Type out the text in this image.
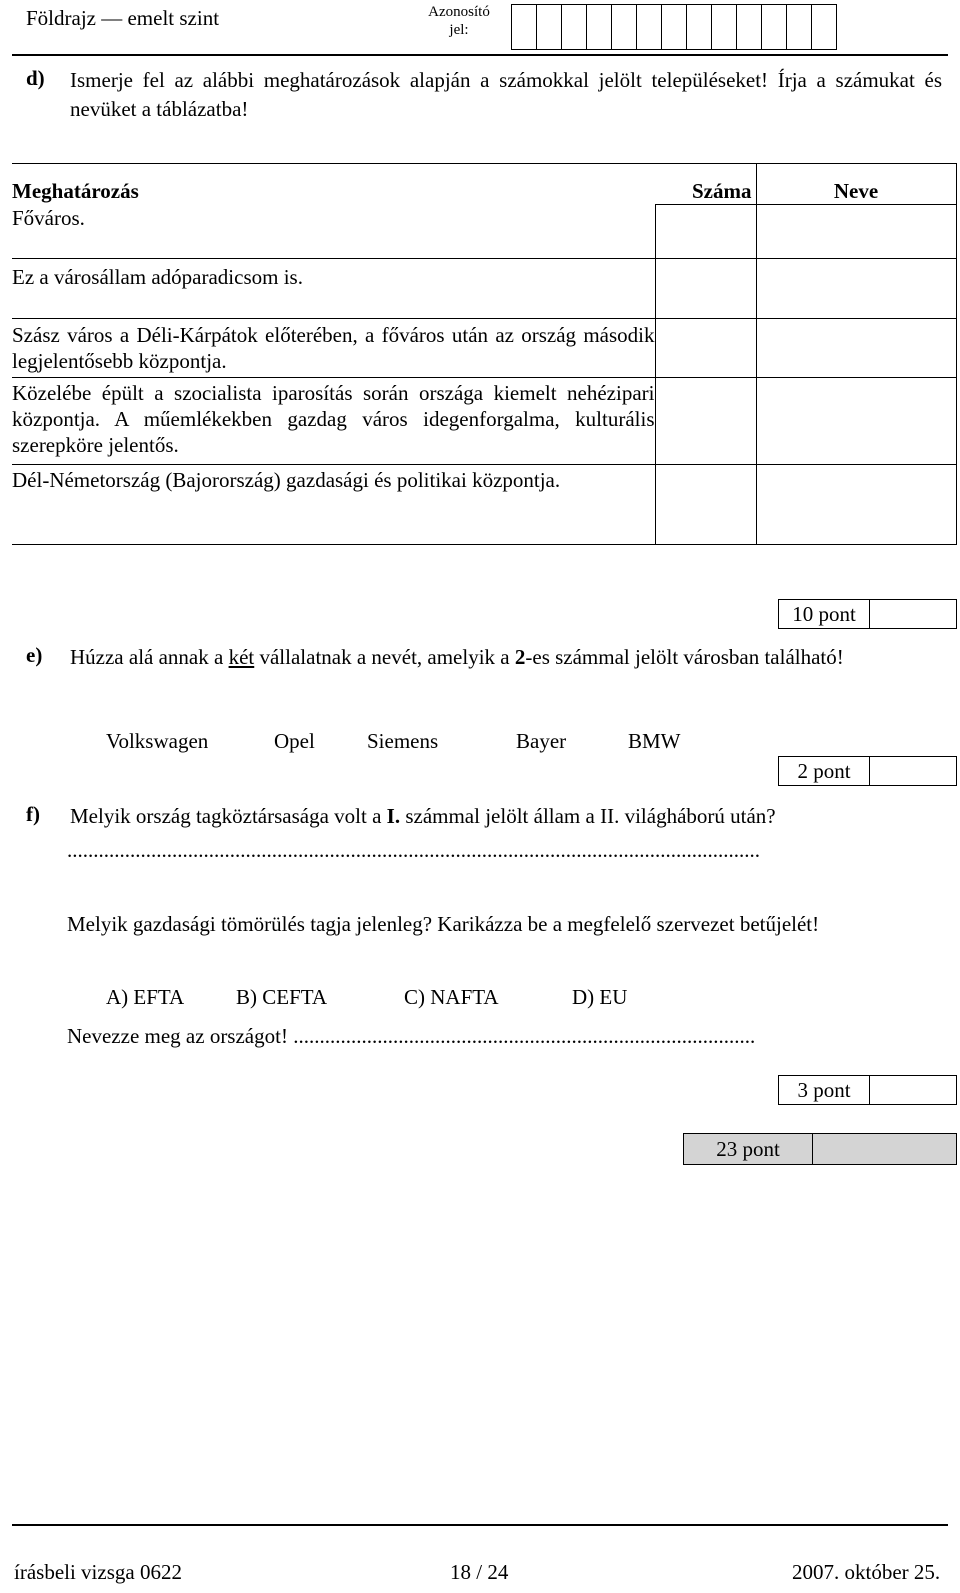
Földrajz — emelt szint	Azonosító
jel:
d)	Ismerje fel az alábbi meghatározások alapján a számokkal jelölt településeket! Írja a számukat és nevüket a táblázatba!

Meghatározás	Száma	Neve
Főváros.		
Ez a városállam adóparadicsom is.		
Szász város a Déli-Kárpátok előterében, a főváros után az ország második legjelentősebb központja.		
Közelébe épült a szocialista iparosítás során országa kiemelt nehézipari központja. A műemlékekben gazdag város idegenforgalma, kulturális szerepköre jelentős.		
Dél-Németország (Bajorország) gazdasági és politikai központja.		
10 pont
e) Húzza alá annak a két vállalatnak a nevét, amelyik a 2-es számmal jelölt városban található!

Volkswagen	Opel Siemens	Bayer	BMW
2 pont
f) Melyik ország tagköztársasága volt a I. számmal jelölt állam a II. világháború után?
....................................................................................................................................

Melyik gazdasági tömörülés tagja jelenleg? Karikázza be a megfelelő szervezet betűjelét!

A) EFTA B) CEFTA	C) NAFTA	D) EU
Nevezze meg az országot! ........................................................................................
3 pont
23 pont
írásbeli vizsga 0622	18 / 24	2007. október 25.
